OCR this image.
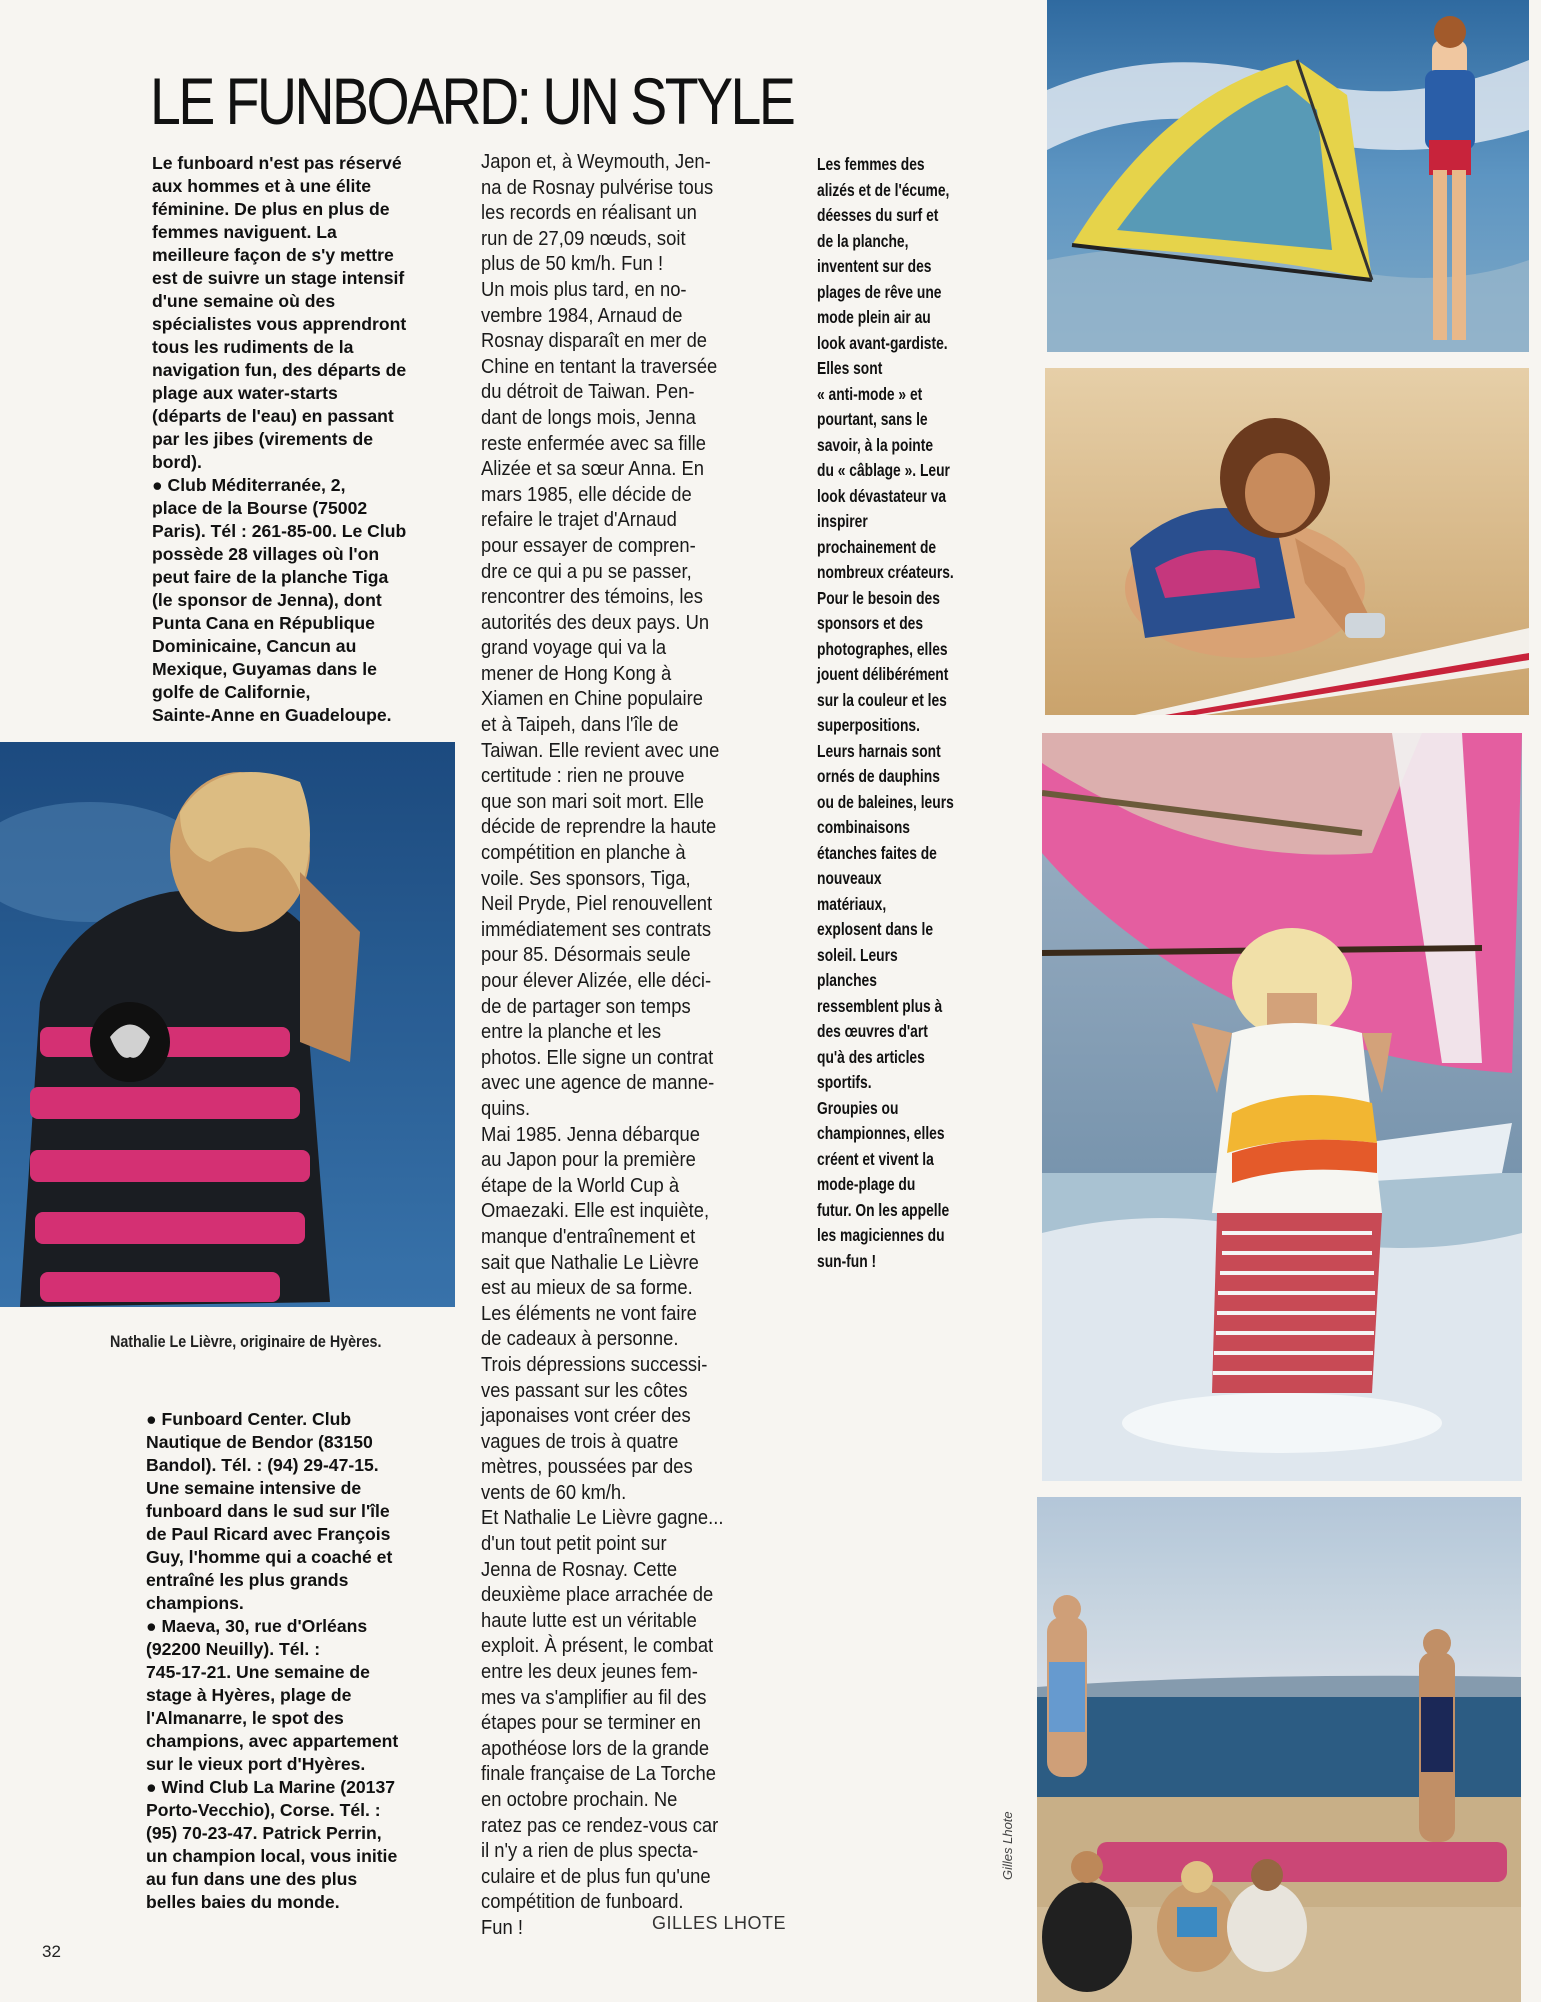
LE FUNBOARD: UN STYLE
Le funboard n'est pas réservé
aux hommes et à une élite
féminine. De plus en plus de
femmes naviguent. La
meilleure façon de s'y mettre
est de suivre un stage intensif
d'une semaine où des
spécialistes vous apprendront
tous les rudiments de la
navigation fun, des départs de
plage aux water-starts
(départs de l'eau) en passant
par les jibes (virements de
bord).
● Club Méditerranée, 2,
place de la Bourse (75002
Paris). Tél : 261-85-00. Le Club
possède 28 villages où l'on
peut faire de la planche Tiga
(le sponsor de Jenna), dont
Punta Cana en République
Dominicaine, Cancun au
Mexique, Guyamas dans le
golfe de Californie,
Sainte-Anne en Guadeloupe.
Nathalie Le Lièvre, originaire de Hyères.
● Funboard Center. Club
Nautique de Bendor (83150
Bandol). Tél. : (94) 29-47-15.
Une semaine intensive de
funboard dans le sud sur l'île
de Paul Ricard avec François
Guy, l'homme qui a coaché et
entraîné les plus grands
champions.
● Maeva, 30, rue d'Orléans
(92200 Neuilly). Tél. :
745-17-21. Une semaine de
stage à Hyères, plage de
l'Almanarre, le spot des
champions, avec appartement
sur le vieux port d'Hyères.
● Wind Club La Marine (20137
Porto-Vecchio), Corse. Tél. :
(95) 70-23-47. Patrick Perrin,
un champion local, vous initie
au fun dans une des plus
belles baies du monde.
Japon et, à Weymouth, Jen-
na de Rosnay pulvérise tous
les records en réalisant un
run de 27,09 nœuds, soit
plus de 50 km/h. Fun !
Un mois plus tard, en no-
vembre 1984, Arnaud de
Rosnay disparaît en mer de
Chine en tentant la traversée
du détroit de Taiwan. Pen-
dant de longs mois, Jenna
reste enfermée avec sa fille
Alizée et sa sœur Anna. En
mars 1985, elle décide de
refaire le trajet d'Arnaud
pour essayer de compren-
dre ce qui a pu se passer,
rencontrer des témoins, les
autorités des deux pays. Un
grand voyage qui va la
mener de Hong Kong à
Xiamen en Chine populaire
et à Taipeh, dans l'île de
Taiwan. Elle revient avec une
certitude : rien ne prouve
que son mari soit mort. Elle
décide de reprendre la haute
compétition en planche à
voile. Ses sponsors, Tiga,
Neil Pryde, Piel renouvellent
immédiatement ses contrats
pour 85. Désormais seule
pour élever Alizée, elle déci-
de de partager son temps
entre la planche et les
photos. Elle signe un contrat
avec une agence de manne-
quins.
Mai 1985. Jenna débarque
au Japon pour la première
étape de la World Cup à
Omaezaki. Elle est inquiète,
manque d'entraînement et
sait que Nathalie Le Lièvre
est au mieux de sa forme.
Les éléments ne vont faire
de cadeaux à personne.
Trois dépressions successi-
ves passant sur les côtes
japonaises vont créer des
vagues de trois à quatre
mètres, poussées par des
vents de 60 km/h.
Et Nathalie Le Lièvre gagne...
d'un tout petit point sur
Jenna de Rosnay. Cette
deuxième place arrachée de
haute lutte est un véritable
exploit. À présent, le combat
entre les deux jeunes fem-
mes va s'amplifier au fil des
étapes pour se terminer en
apothéose lors de la grande
finale française de La Torche
en octobre prochain. Ne
ratez pas ce rendez-vous car
il n'y a rien de plus specta-
culaire et de plus fun qu'une
compétition de funboard.
Fun !	GILLES LHOTE
Les femmes des
alizés et de l'écume,
déesses du surf et
de la planche,
inventent sur des
plages de rêve une
mode plein air au
look avant-gardiste.
Elles sont
« anti-mode » et
pourtant, sans le
savoir, à la pointe
du « câblage ». Leur
look dévastateur va
inspirer
prochainement de
nombreux créateurs.
Pour le besoin des
sponsors et des
photographes, elles
jouent délibérément
sur la couleur et les
superpositions.
Leurs harnais sont
ornés de dauphins
ou de baleines, leurs
combinaisons
étanches faites de
nouveaux
matériaux,
explosent dans le
soleil. Leurs
planches
ressemblent plus à
des œuvres d'art
qu'à des articles
sportifs.
Groupies ou
championnes, elles
créent et vivent la
mode-plage du
futur. On les appelle
les magiciennes du
sun-fun !
Gilles Lhote
32
